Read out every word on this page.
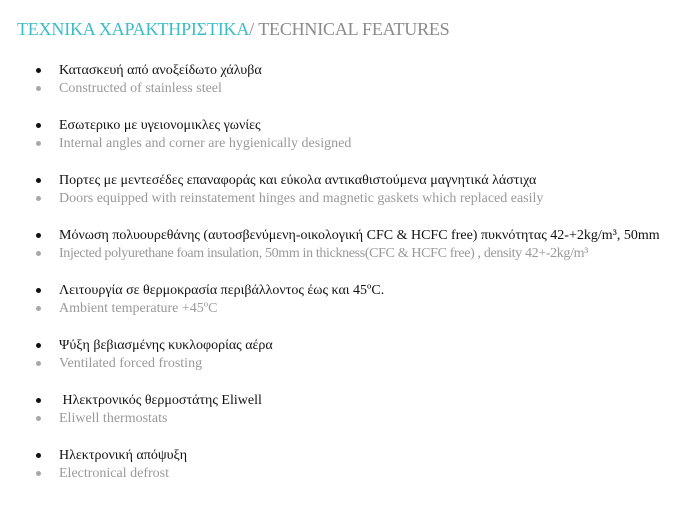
ΤΕΧΝΙΚΑ ΧΑΡΑΚΤΗΡΙΣΤΙΚΑ/ TECHNICAL FEATURES
Κατασκευή από ανοξείδωτο χάλυβα
Constructed of stainless steel
Εσωτερικο με υγειονομικλες γωνίες
Internal angles and corner are hygienically designed
Πορτες με μεντεσέδες επαναφοράς και εύκολα αντικαθιστούμενα μαγνητικά λάστιχα
Doors equipped with reinstatement hinges and magnetic gaskets which replaced easily
Μόνωση πολυουρεθάνης (αυτοσβενύμενη-οικολογική CFC & HCFC free) πυκνότητας 42-+2kg/m³, 50mm
Injected polyurethane foam insulation, 50mm in thickness(CFC & HCFC free) , density 42+-2kg/m³
Λειτουργία σε θερμοκρασία περιβάλλοντος έως και 45ºC.
Ambient temperature +45ºC
Ψύξη βεβιασμένης κυκλοφορίας αέρα
Ventilated forced frosting
Ηλεκτρονικός θερμοστάτης Eliwell
Eliwell thermostats
Ηλεκτρονική απόψυξη
Electronical defrost
